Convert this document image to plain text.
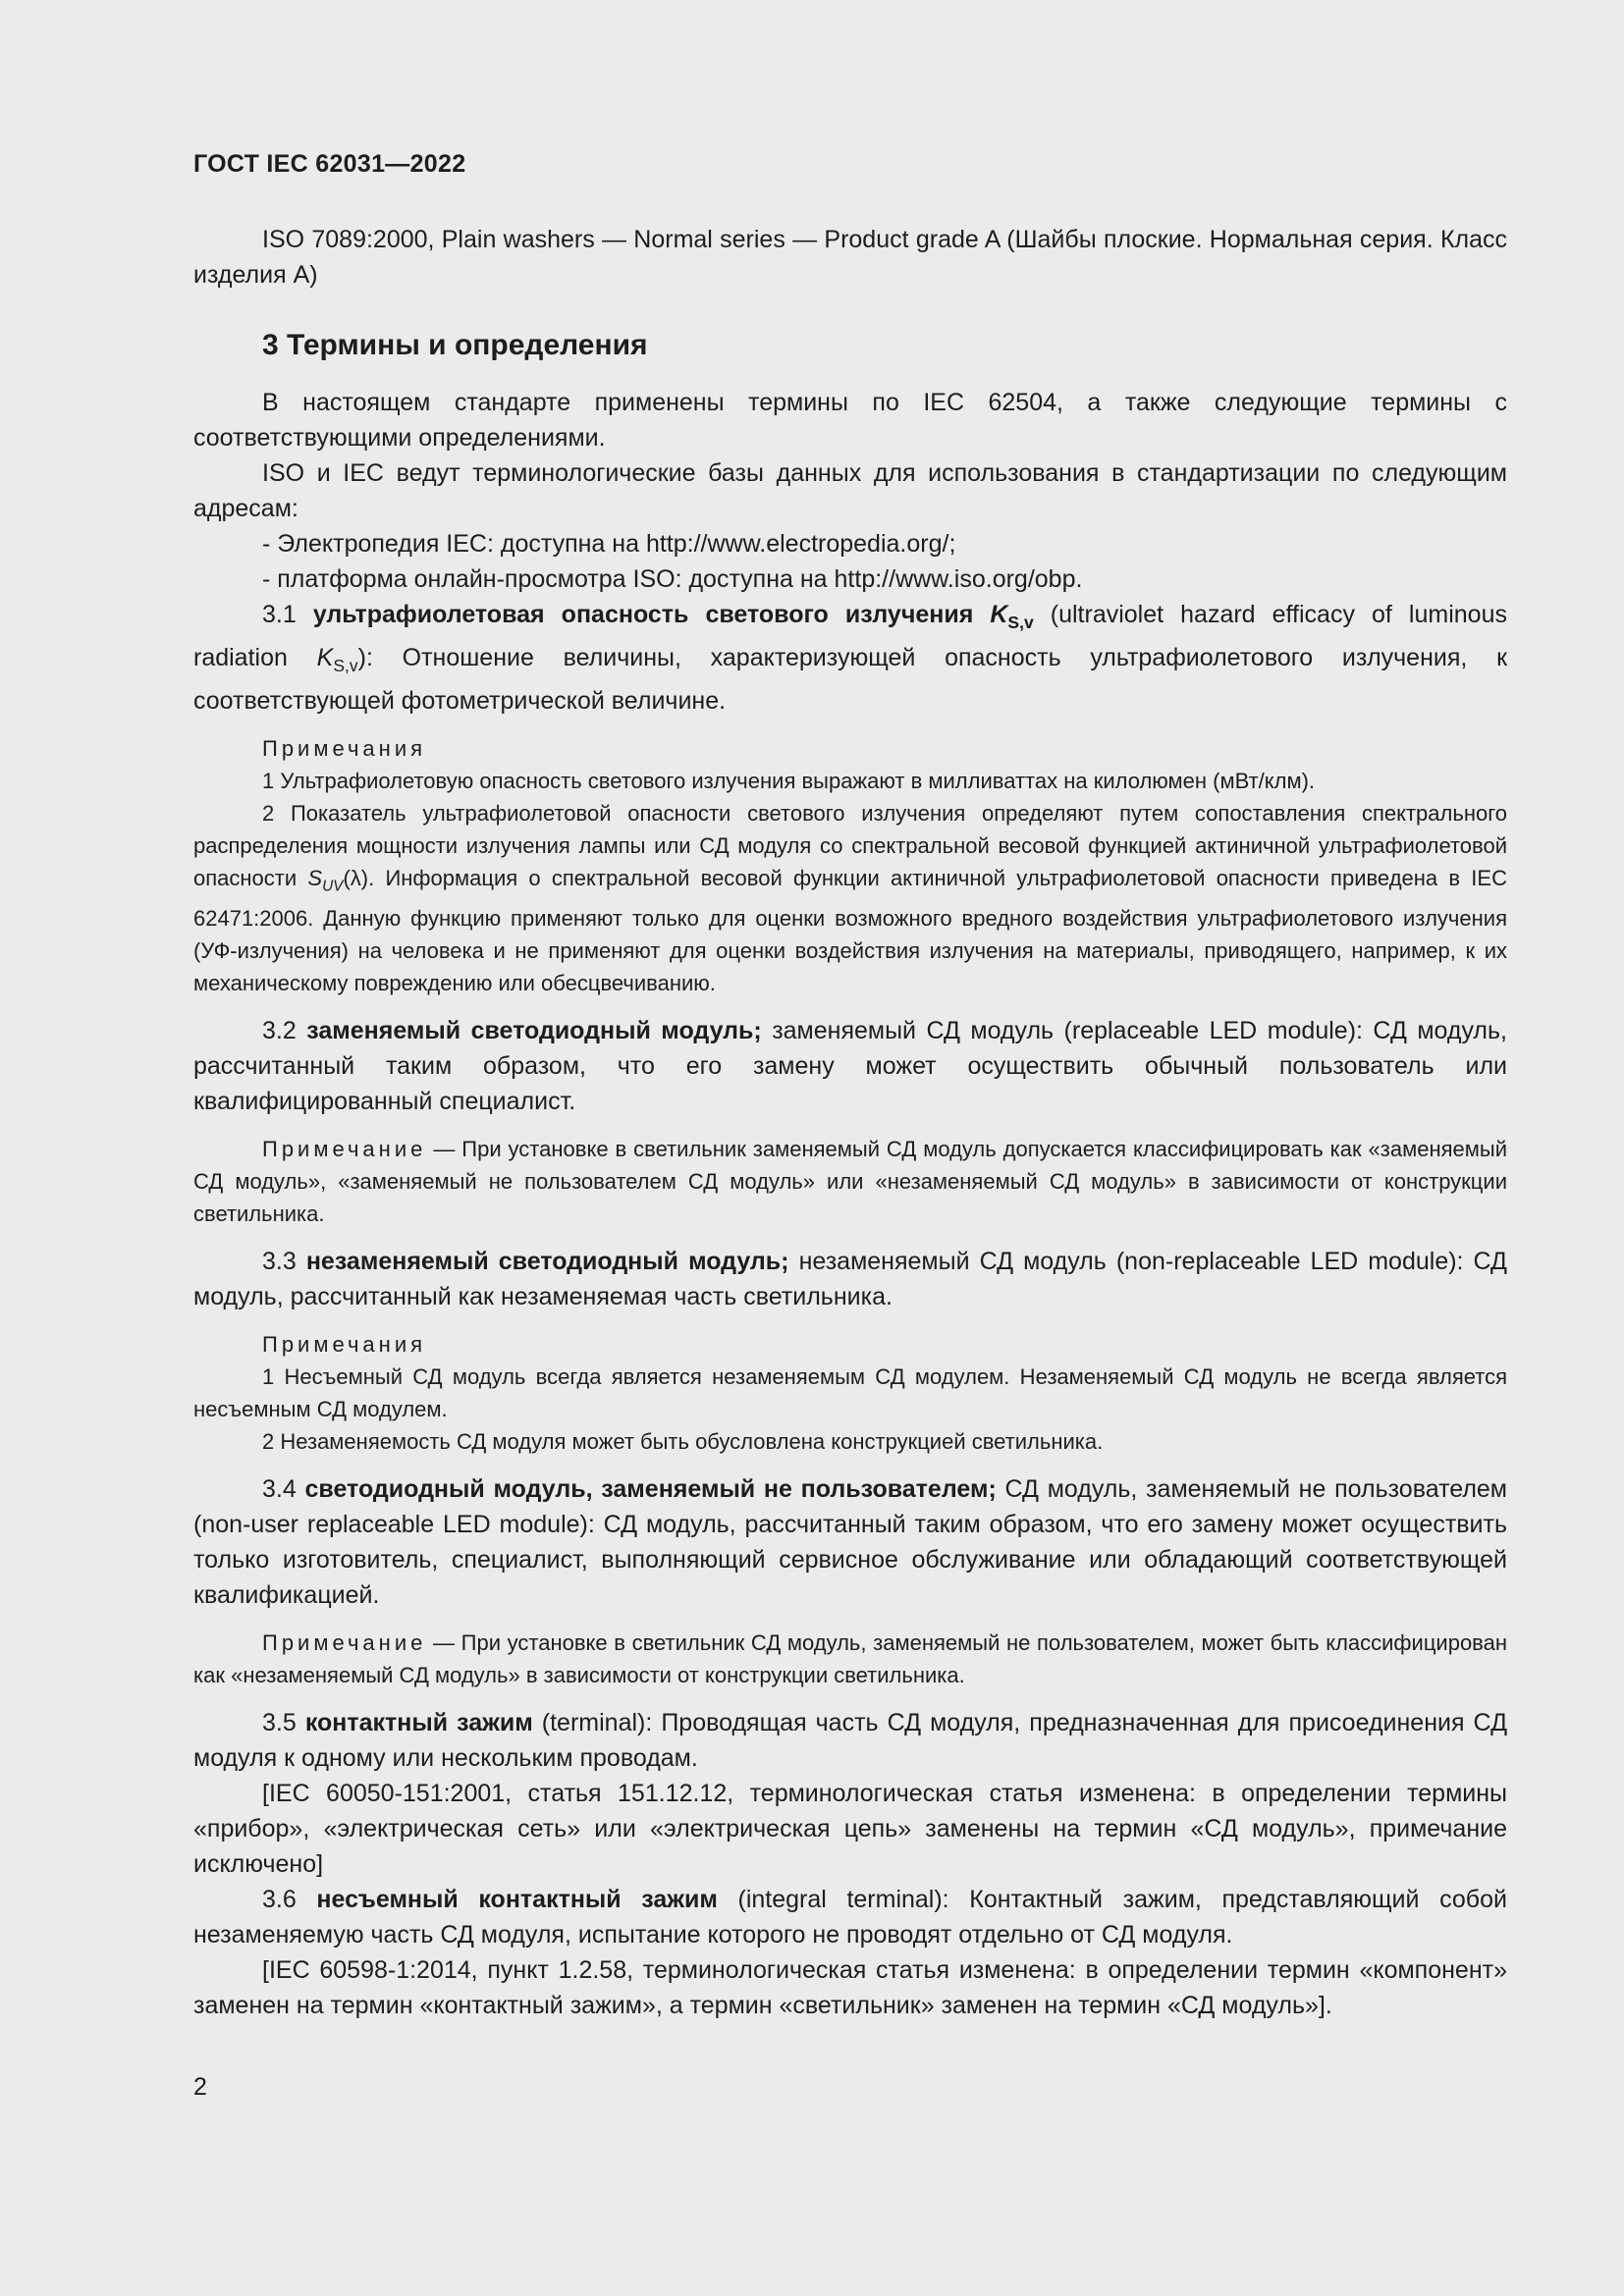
ГОСТ IEC 62031—2022

ISO 7089:2000, Plain washers — Normal series — Product grade A (Шайбы плоские. Нормальная серия. Класс изделия A)

3 Термины и определения

В настоящем стандарте применены термины по IEC 62504, а также следующие термины с соответствующими определениями.

ISO и IEC ведут терминологические базы данных для использования в стандартизации по следующим адресам:

- Электропедия IEC: доступна на http://www.electropedia.org/;

- платформа онлайн-просмотра ISO: доступна на http://www.iso.org/obp.

3.1 ультрафиолетовая опасность светового излучения $K_{S,v}$ (ultraviolet hazard efficacy of luminous radiation $K_{S,v}$): Отношение величины, характеризующей опасность ультрафиолетового излучения, к соответствующей фотометрической величине.

Примечания

1 Ультрафиолетовую опасность светового излучения выражают в милливаттах на килолюмен (мВт/клм).

2 Показатель ультрафиолетовой опасности светового излучения определяют путем сопоставления спектрального распределения мощности излучения лампы или СД модуля со спектральной весовой функцией актиничной ультрафиолетовой опасности $S_{UV}(\lambda)$. Информация о спектральной весовой функции актиничной ультрафиолетовой опасности приведена в IEC 62471:2006. Данную функцию применяют только для оценки возможного вредного воздействия ультрафиолетового излучения (УФ-излучения) на человека и не применяют для оценки воздействия излучения на материалы, приводящего, например, к их механическому повреждению или обесцвечиванию.

3.2 заменяемый светодиодный модуль; заменяемый СД модуль (replaceable LED module): СД модуль, рассчитанный таким образом, что его замену может осуществить обычный пользователь или квалифицированный специалист.

Примечание — При установке в светильник заменяемый СД модуль допускается классифицировать как «заменяемый СД модуль», «заменяемый не пользователем СД модуль» или «незаменяемый СД модуль» в зависимости от конструкции светильника.

3.3 незаменяемый светодиодный модуль; незаменяемый СД модуль (non-replaceable LED module): СД модуль, рассчитанный как незаменяемая часть светильника.

Примечания

1 Несъемный СД модуль всегда является незаменяемым СД модулем. Незаменяемый СД модуль не всегда является несъемным СД модулем.

2 Незаменяемость СД модуля может быть обусловлена конструкцией светильника.

3.4 светодиодный модуль, заменяемый не пользователем; СД модуль, заменяемый не пользователем (non-user replaceable LED module): СД модуль, рассчитанный таким образом, что его замену может осуществить только изготовитель, специалист, выполняющий сервисное обслуживание или обладающий соответствующей квалификацией.

Примечание — При установке в светильник СД модуль, заменяемый не пользователем, может быть классифицирован как «незаменяемый СД модуль» в зависимости от конструкции светильника.

3.5 контактный зажим (terminal): Проводящая часть СД модуля, предназначенная для присоединения СД модуля к одному или нескольким проводам.

[IEC 60050-151:2001, статья 151.12.12, терминологическая статья изменена: в определении термины «прибор», «электрическая сеть» или «электрическая цепь» заменены на термин «СД модуль», примечание исключено]

3.6 несъемный контактный зажим (integral terminal): Контактный зажим, представляющий собой незаменяемую часть СД модуля, испытание которого не проводят отдельно от СД модуля.

[IEC 60598-1:2014, пункт 1.2.58, терминологическая статья изменена: в определении термин «компонент» заменен на термин «контактный зажим», а термин «светильник» заменен на термин «СД модуль»].

2
